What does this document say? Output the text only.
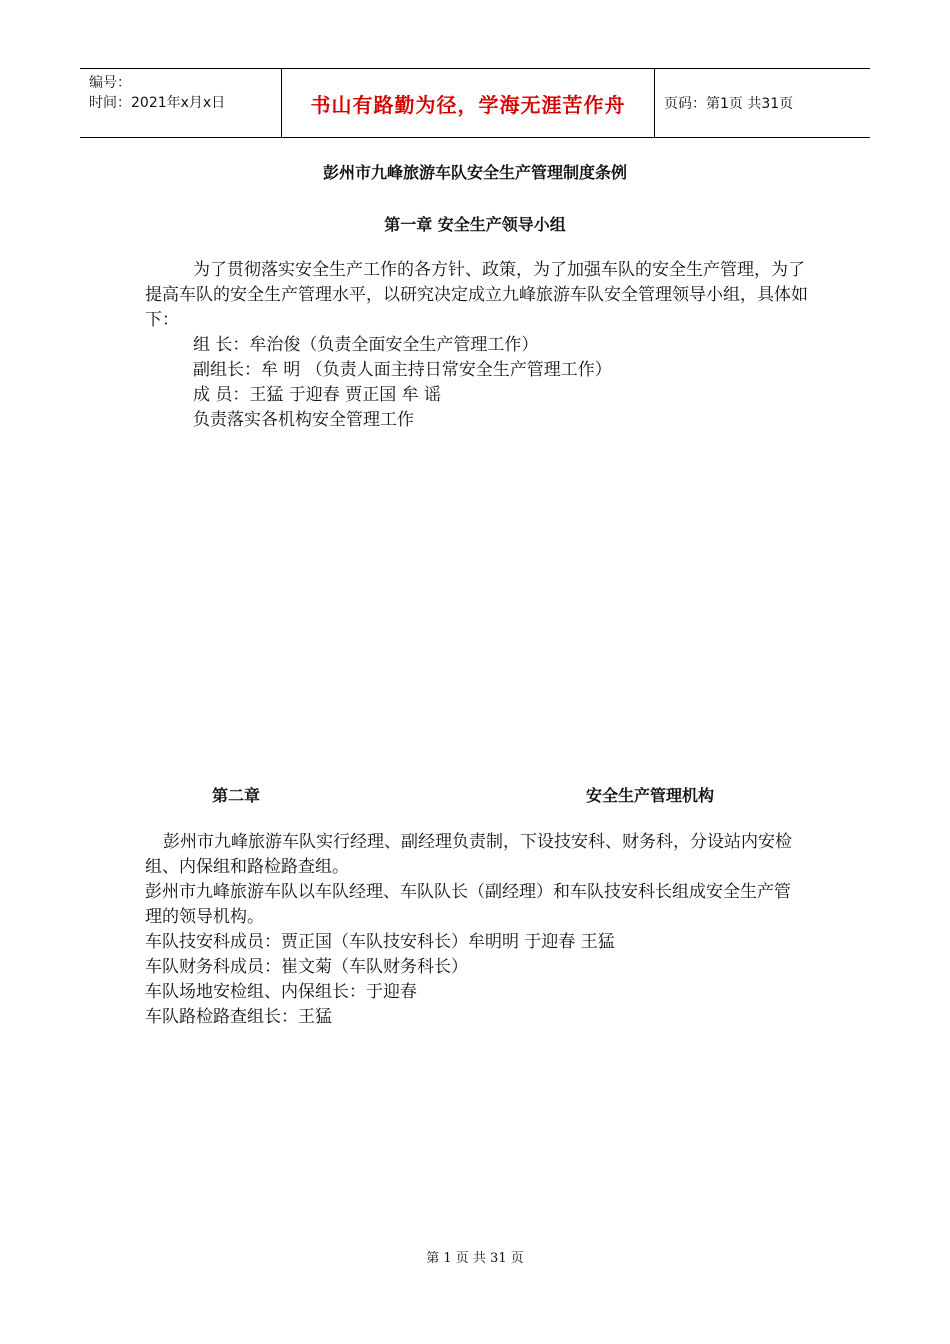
编号：
时间：2021年x月x日	书山有路勤为径，学海无涯苦作舟	页码：第1页 共31页
彭州市九峰旅游车队安全生产管理制度条例
第一章 安全生产领导小组

为了贯彻落实安全生产工作的各方针、政策，为了加强车队的安全生产管理，为了提高车队的安全生产管理水平，以研究决定成立九峰旅游车队安全管理领导小组，具体如下：

组 长：牟治俊（负责全面安全生产管理工作）

副组长：牟 明 （负责人面主持日常安全生产管理工作）

成 员：王猛 于迎春 贾正国 牟 谣

负责落实各机构安全管理工作

第二章	安全生产管理机构

彭州市九峰旅游车队实行经理、副经理负责制，下设技安科、财务科，分设站内安检组、内保组和路检路查组。

彭州市九峰旅游车队以车队经理、车队队长（副经理）和车队技安科长组成安全生产管理的领导机构。

车队技安科成员：贾正国（车队技安科长）牟明明 于迎春 王猛

车队财务科成员：崔文菊（车队财务科长）

车队场地安检组、内保组长：于迎春

车队路检路查组长：王猛

第 1 页 共 31 页
